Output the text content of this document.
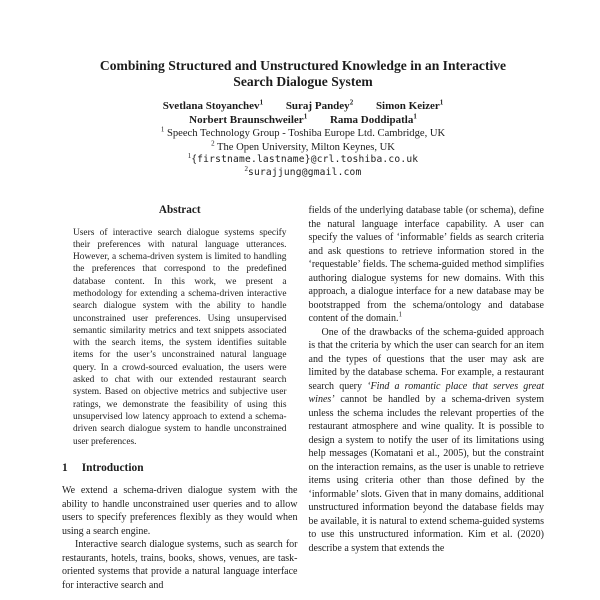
Combining Structured and Unstructured Knowledge in an Interactive Search Dialogue System
Svetlana Stoyanchev$^1$ Suraj Pandey$^2$ Simon Keizer$^1$
Norbert Braunschweiler$^1$ Rama Doddipatla$^1$
$^1$ Speech Technology Group - Toshiba Europe Ltd. Cambridge, UK
$^2$ The Open University, Milton Keynes, UK
$^1${firstname.lastname}@crl.toshiba.co.uk
$^2$surajjung@gmail.com
Abstract

Users of interactive search dialogue systems specify their preferences with natural language utterances. However, a schema-driven system is limited to handling the preferences that correspond to the predefined database content. In this work, we present a methodology for extending a schema-driven interactive search dialogue system with the ability to handle unconstrained user preferences. Using unsupervised semantic similarity metrics and text snippets associated with the search items, the system identifies suitable items for the user’s unconstrained natural language query. In a crowd-sourced evaluation, the users were asked to chat with our extended restaurant search system. Based on objective metrics and subjective user ratings, we demonstrate the feasibility of using this unsupervised low latency approach to extend a schema-driven search dialogue system to handle unconstrained user preferences.

1 Introduction

We extend a schema-driven dialogue system with the ability to handle unconstrained user queries and to allow users to specify preferences flexibly as they would when using a search engine.

Interactive search dialogue systems, such as search for restaurants, hotels, trains, books, shows, venues, are task-oriented systems that provide a natural language interface for interactive search and

fields of the underlying database table (or schema), define the natural language interface capability. A user can specify the values of ‘informable’ fields as search criteria and ask questions to retrieve information stored in the ‘requestable’ fields. The schema-guided method simplifies authoring dialogue systems for new domains. With this approach, a dialogue interface for a new database may be bootstrapped from the schema/ontology and database content of the domain.$^1$

One of the drawbacks of the schema-guided approach is that the criteria by which the user can search for an item and the types of questions that the user may ask are limited by the database schema. For example, a restaurant search query ‘Find a romantic place that serves great wines’ cannot be handled by a schema-driven system unless the schema includes the relevant properties of the restaurant atmosphere and wine quality. It is possible to design a system to notify the user of its limitations using help messages (Komatani et al., 2005), but the constraint on the interaction remains, as the user is unable to retrieve items using criteria other than those defined by the ‘informable’ slots. Given that in many domains, additional unstructured information beyond the database fields may be available, it is natural to extend schema-guided systems to use this unstructured information. Kim et al. (2020) describe a system that extends the
